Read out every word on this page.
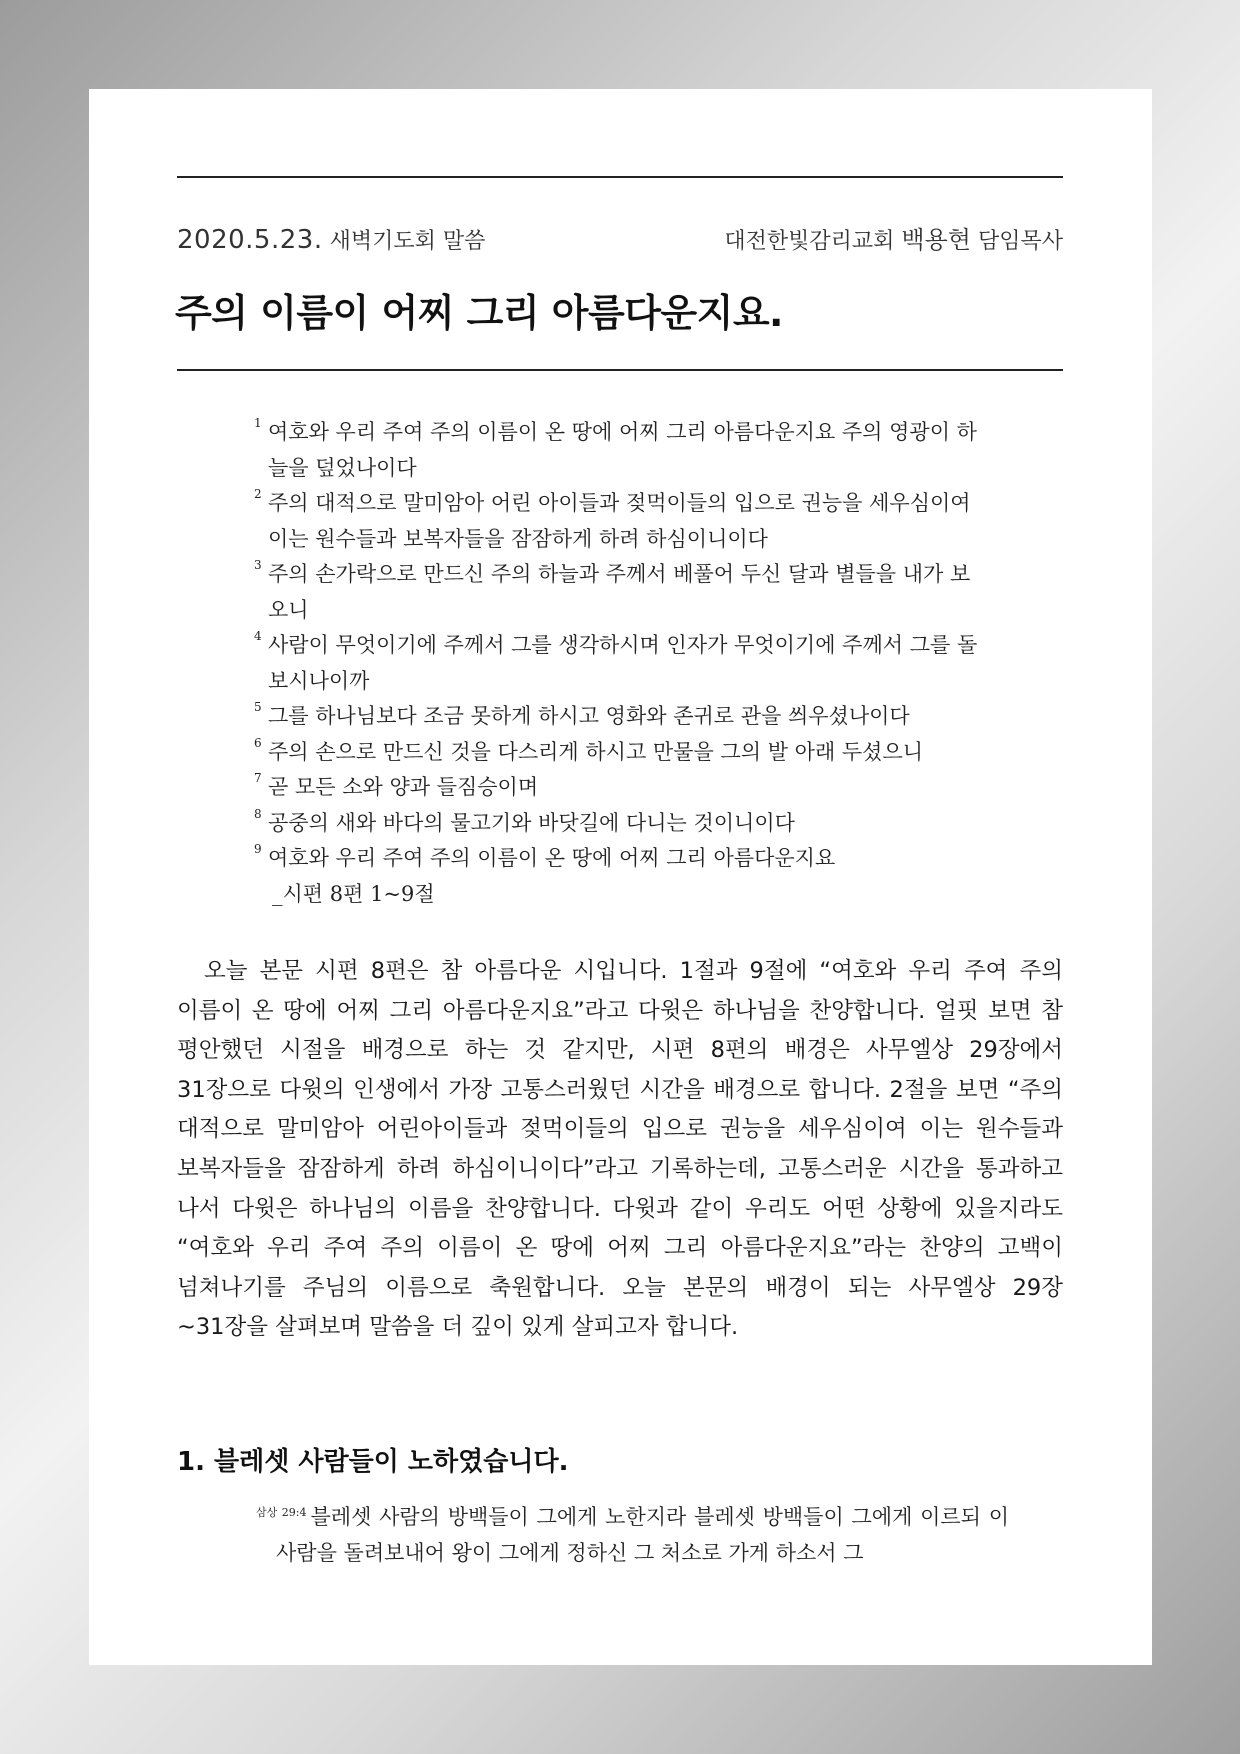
2020.5.23. 새벽기도회 말씀	대전한빛감리교회 백용현 담임목사
주의 이름이 어찌 그리 아름다운지요.
1 여호와 우리 주여 주의 이름이 온 땅에 어찌 그리 아름다운지요 주의 영광이 하늘을 덮었나이다
2 주의 대적으로 말미암아 어린 아이들과 젖먹이들의 입으로 권능을 세우심이여 이는 원수들과 보복자들을 잠잠하게 하려 하심이니이다
3 주의 손가락으로 만드신 주의 하늘과 주께서 베풀어 두신 달과 별들을 내가 보오니
4 사람이 무엇이기에 주께서 그를 생각하시며 인자가 무엇이기에 주께서 그를 돌보시나이까
5 그를 하나님보다 조금 못하게 하시고 영화와 존귀로 관을 씌우셨나이다
6 주의 손으로 만드신 것을 다스리게 하시고 만물을 그의 발 아래 두셨으니
7 곧 모든 소와 양과 들짐승이며
8 공중의 새와 바다의 물고기와 바닷길에 다니는 것이니이다
9 여호와 우리 주여 주의 이름이 온 땅에 어찌 그리 아름다운지요
_시편 8편 1~9절
오늘 본문 시편 8편은 참 아름다운 시입니다. 1절과 9절에 “여호와 우리 주여 주의 이름이 온 땅에 어찌 그리 아름다운지요”라고 다윗은 하나님을 찬양합니다. 얼핏 보면 참 평안했던 시절을 배경으로 하는 것 같지만, 시편 8편의 배경은 사무엘상 29장에서 31장으로 다윗의 인생에서 가장 고통스러웠던 시간을 배경으로 합니다. 2절을 보면 “주의 대적으로 말미암아 어린아이들과 젖먹이들의 입으로 권능을 세우심이여 이는 원수들과 보복자들을 잠잠하게 하려 하심이니이다”라고 기록하는데, 고통스러운 시간을 통과하고 나서 다윗은 하나님의 이름을 찬양합니다. 다윗과 같이 우리도 어떤 상황에 있을지라도 “여호와 우리 주여 주의 이름이 온 땅에 어찌 그리 아름다운지요”라는 찬양의 고백이 넘쳐나기를 주님의 이름으로 축원합니다. 오늘 본문의 배경이 되는 사무엘상 29장~31장을 살펴보며 말씀을 더 깊이 있게 살피고자 합니다.
1. 블레셋 사람들이 노하였습니다.
$^{삼상 29:4}$ 블레셋 사람의 방백들이 그에게 노한지라 블레셋 방백들이 그에게 이르되 이 사람을 돌려보내어 왕이 그에게 정하신 그 처소로 가게 하소서 그
